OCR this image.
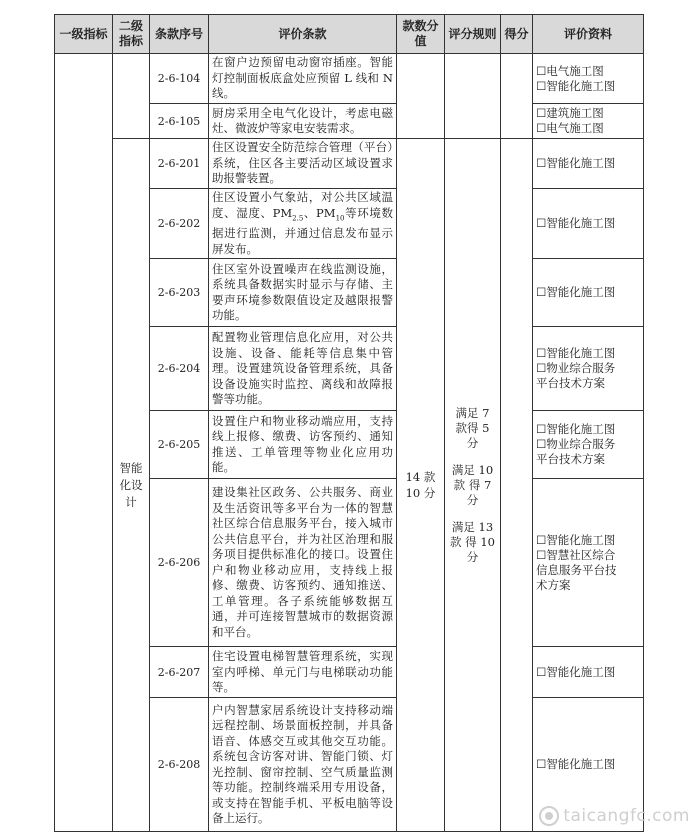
一级指标	二级指标	条款序号	评价条款	款数分值	评分规则	得分	评价资料
		2-6-104	在窗户边预留电动窗帘插座。智能灯控制面板底盒处应预留 L 线和 N 线。				☐电气施工图
☐智能化施工图

		2-6-105	厨房采用全电气化设计，考虑电磁灶、微波炉等家电安装需求。				☐建筑施工图
☐电气施工图

	智能化设计	2-6-201	住区设置安全防范综合管理（平台）系统，住区各主要活动区域设置求助报警装置。	14 款 10 分	满足 7 款得 5 分
满足 10 款 得 7 分
满足 13 款 得 10 分		☐智能化施工图

		2-6-202	住区设置小气象站，对公共区域温度、湿度、$PM_{2.5}$、$PM_{10}$等环境数据进行监测，并通过信息发布显示屏发布。				☐智能化施工图

		2-6-203	住区室外设置噪声在线监测设施，系统具备数据实时显示与存储、主要声环境参数限值设定及越限报警功能。				☐智能化施工图

		2-6-204	配置物业管理信息化应用，对公共设施、设备、能耗等信息集中管理。设置建筑设备管理系统，具备设备设施实时监控、离线和故障报警等功能。				☐智能化施工图
☐物业综合服务
平台技术方案

		2-6-205	设置住户和物业移动端应用，支持线上报修、缴费、访客预约、通知推送、工单管理等物业化应用功能。				☐智能化施工图
☐物业综合服务
平台技术方案

		2-6-206	建设集社区政务、公共服务、商业及生活资讯等多平台为一体的智慧社区综合信息服务平台，接入城市公共信息平台，并为社区治理和服务项目提供标准化的接口。设置住户和物业移动应用，支持线上报修、缴费、访客预约、通知推送、工单管理。各子系统能够数据互通，并可连接智慧城市的数据资源和平台。				☐智能化施工图
☐智慧社区综合
信息服务平台技
术方案

		2-6-207	住宅设置电梯智慧管理系统，实现室内呼梯、单元门与电梯联动功能等。				☐智能化施工图

		2-6-208	户内智慧家居系统设计支持移动端远程控制、场景面板控制，并具备语音、体感交互或其他交互功能。系统包含访客对讲、智能门锁、灯光控制、窗帘控制、空气质量监测等功能。控制终端采用专用设备，或支持在智能手机、平板电脑等设备上运行。				☐智能化施工图
taicangfc.com
